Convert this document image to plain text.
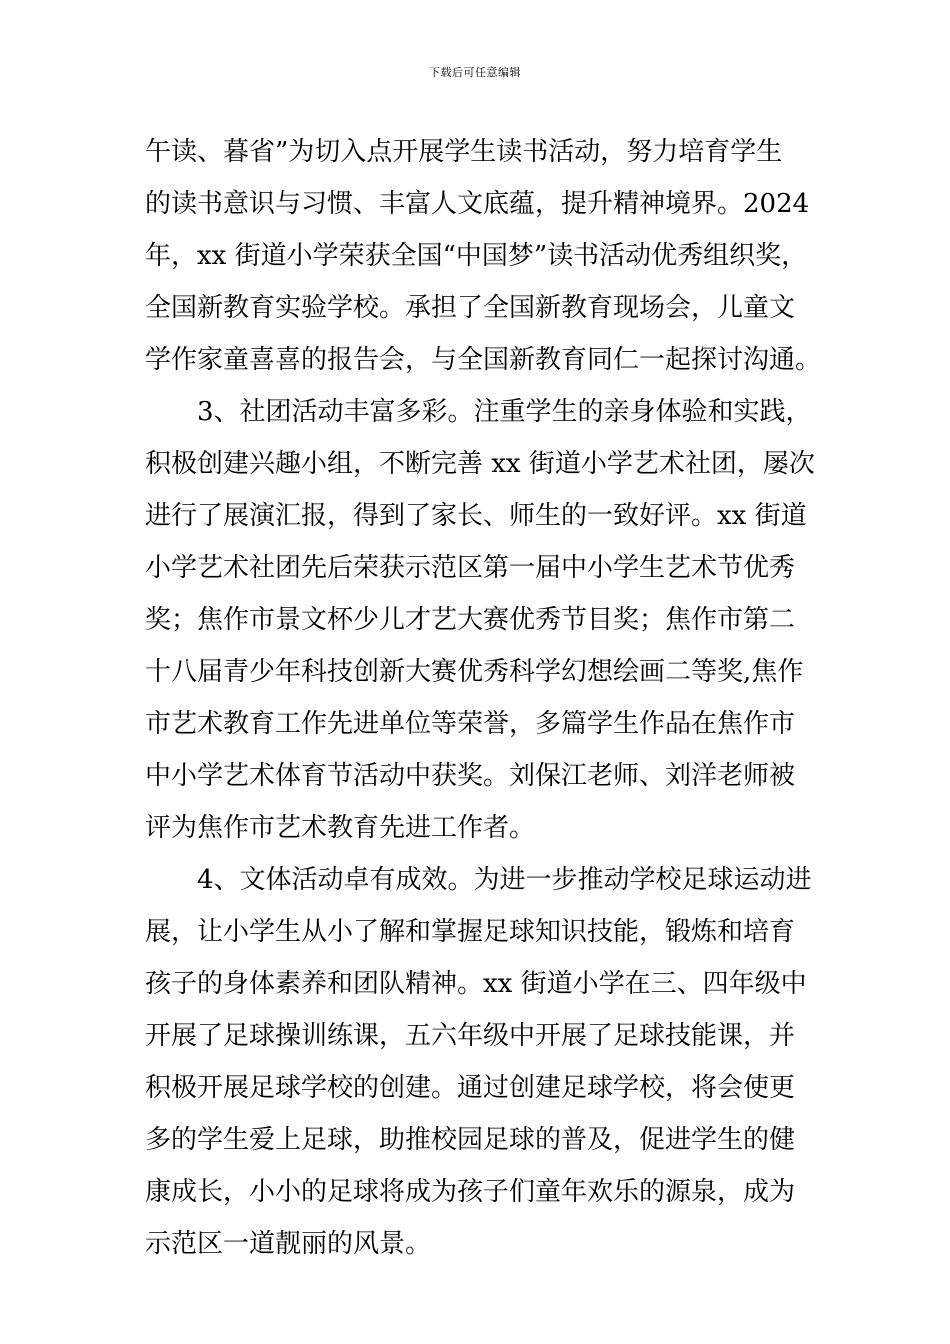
下载后可任意编辑
午读、暮省”为切入点开展学生读书活动，努力培育学生
的读书意识与习惯、丰富人文底蕴，提升精神境界。2024
年，xx 街道小学荣获全国“中国梦”读书活动优秀组织奖，
全国新教育实验学校。承担了全国新教育现场会，儿童文
学作家童喜喜的报告会，与全国新教育同仁一起探讨沟通。
3、社团活动丰富多彩。注重学生的亲身体验和实践，
积极创建兴趣小组，不断完善 xx 街道小学艺术社团，屡次
进行了展演汇报，得到了家长、师生的一致好评。xx 街道
小学艺术社团先后荣获示范区第一届中小学生艺术节优秀
奖；焦作市景文杯少儿才艺大赛优秀节目奖；焦作市第二
十八届青少年科技创新大赛优秀科学幻想绘画二等奖,焦作
市艺术教育工作先进单位等荣誉，多篇学生作品在焦作市
中小学艺术体育节活动中获奖。刘保江老师、刘洋老师被
评为焦作市艺术教育先进工作者。
4、文体活动卓有成效。为进一步推动学校足球运动进
展，让小学生从小了解和掌握足球知识技能，锻炼和培育
孩子的身体素养和团队精神。xx 街道小学在三、四年级中
开展了足球操训练课，五六年级中开展了足球技能课，并
积极开展足球学校的创建。通过创建足球学校，将会使更
多的学生爱上足球，助推校园足球的普及，促进学生的健
康成长，小小的足球将成为孩子们童年欢乐的源泉，成为
示范区一道靓丽的风景。
